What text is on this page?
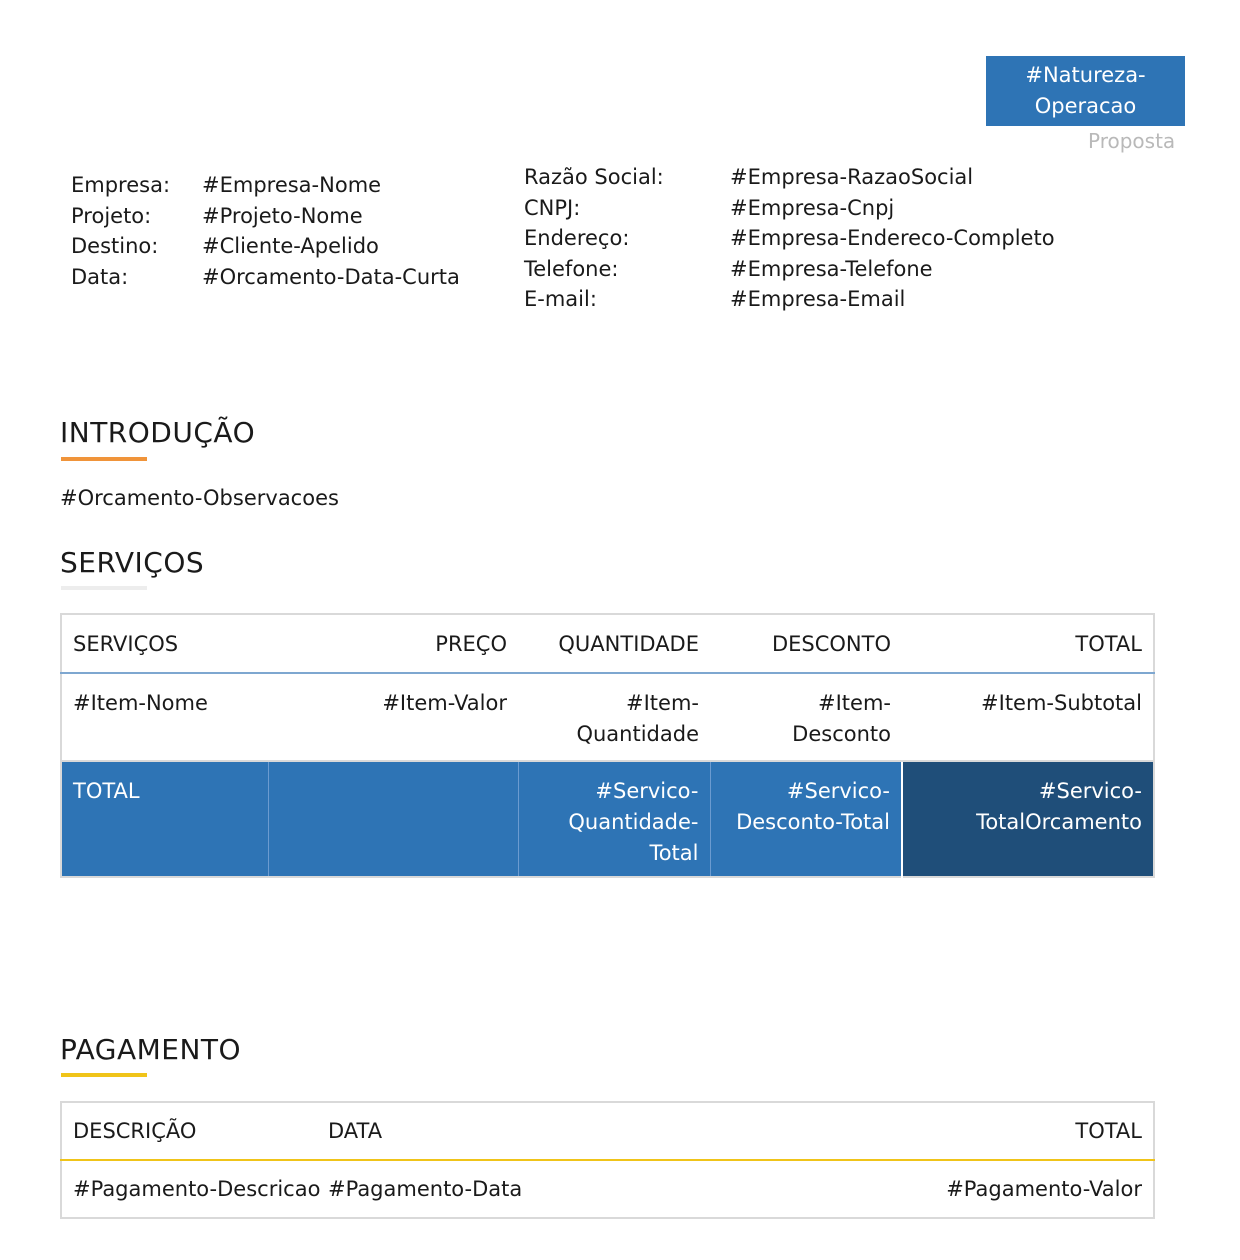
#Natureza-
Operacao
Proposta
Empresa:	#Empresa-Nome
Projeto:	#Projeto-Nome
Destino:	#Cliente-Apelido
Data:	#Orcamento-Data-Curta
Razão Social:	#Empresa-RazaoSocial
CNPJ:	#Empresa-Cnpj
Endereço:	#Empresa-Endereco-Completo
Telefone:	#Empresa-Telefone
E-mail:	#Empresa-Email
INTRODUÇÃO
#Orcamento-Observacoes
SERVIÇOS
SERVIÇOS	PREÇO	QUANTIDADE	DESCONTO	TOTAL
#Item-Nome	#Item-Valor	#Item-Quantidade	#Item-Desconto	#Item-Subtotal
TOTAL		#Servico-Quantidade-Total	#Servico-Desconto-Total	#Servico-TotalOrcamento
PAGAMENTO
DESCRIÇÃO	DATA	TOTAL
#Pagamento-Descricao	#Pagamento-Data	#Pagamento-Valor
